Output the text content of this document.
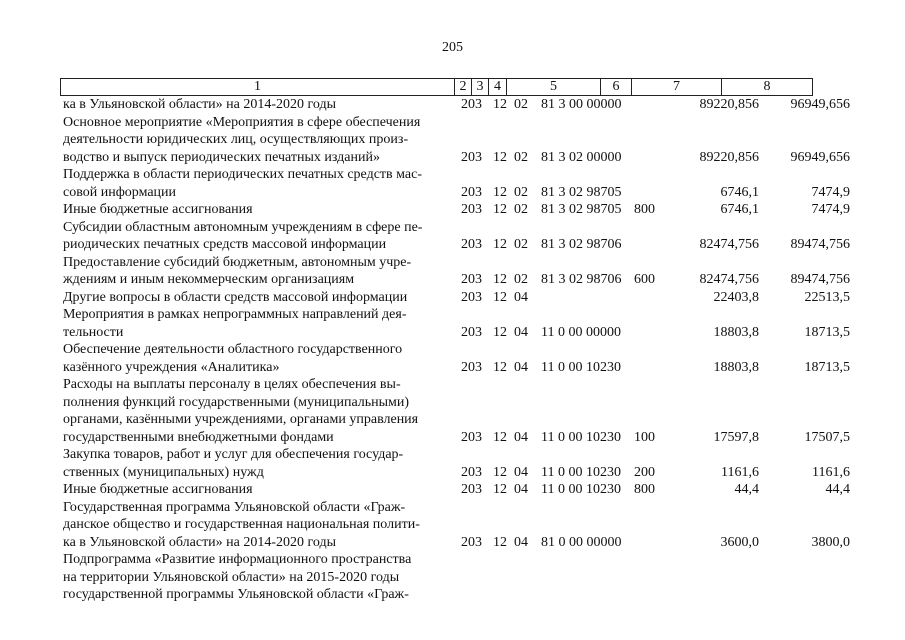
205
1	2	3	4	5	6	7	8
ка в Ульяновской области» на 2014-2020 годы	203 12 02 81 3 00 00000	89220,856	96949,656
Основное мероприятие «Мероприятия в сфере обеспечения
деятельности юридических лиц, осуществляющих произ-
водство и выпуск периодических печатных изданий»	203 12 02 81 3 02 00000	89220,856	96949,656
Поддержка в области периодических печатных средств мас-
совой информации	203 12 02 81 3 02 98705	6746,1	7474,9
Иные бюджетные ассигнования	203 12 02 81 3 02 98705 800	6746,1	7474,9
Субсидии областным автономным учреждениям в сфере пе-
риодических печатных средств массовой информации	203 12 02 81 3 02 98706	82474,756	89474,756
Предоставление субсидий бюджетным, автономным учре-
ждениям и иным некоммерческим организациям	203 12 02 81 3 02 98706 600	82474,756	89474,756
Другие вопросы в области средств массовой информации	203 12 04	22403,8	22513,5
Мероприятия в рамках непрограммных направлений дея-
тельности	203 12 04 11 0 00 00000	18803,8	18713,5
Обеспечение деятельности областного государственного
казённого учреждения «Аналитика»	203 12 04 11 0 00 10230	18803,8	18713,5
Расходы на выплаты персоналу в целях обеспечения вы-
полнения функций государственными (муниципальными)
органами, казёнными учреждениями, органами управления
государственными внебюджетными фондами	203 12 04 11 0 00 10230 100	17597,8	17507,5
Закупка товаров, работ и услуг для обеспечения государ-
ственных (муниципальных) нужд	203 12 04 11 0 00 10230 200	1161,6	1161,6
Иные бюджетные ассигнования	203 12 04 11 0 00 10230 800	44,4	44,4
Государственная программа Ульяновской области «Граж-
данское общество и государственная национальная полити-
ка в Ульяновской области» на 2014-2020 годы	203 12 04 81 0 00 00000	3600,0	3800,0
Подпрограмма «Развитие информационного пространства
на территории Ульяновской области» на 2015-2020 годы
государственной программы Ульяновской области «Граж-
